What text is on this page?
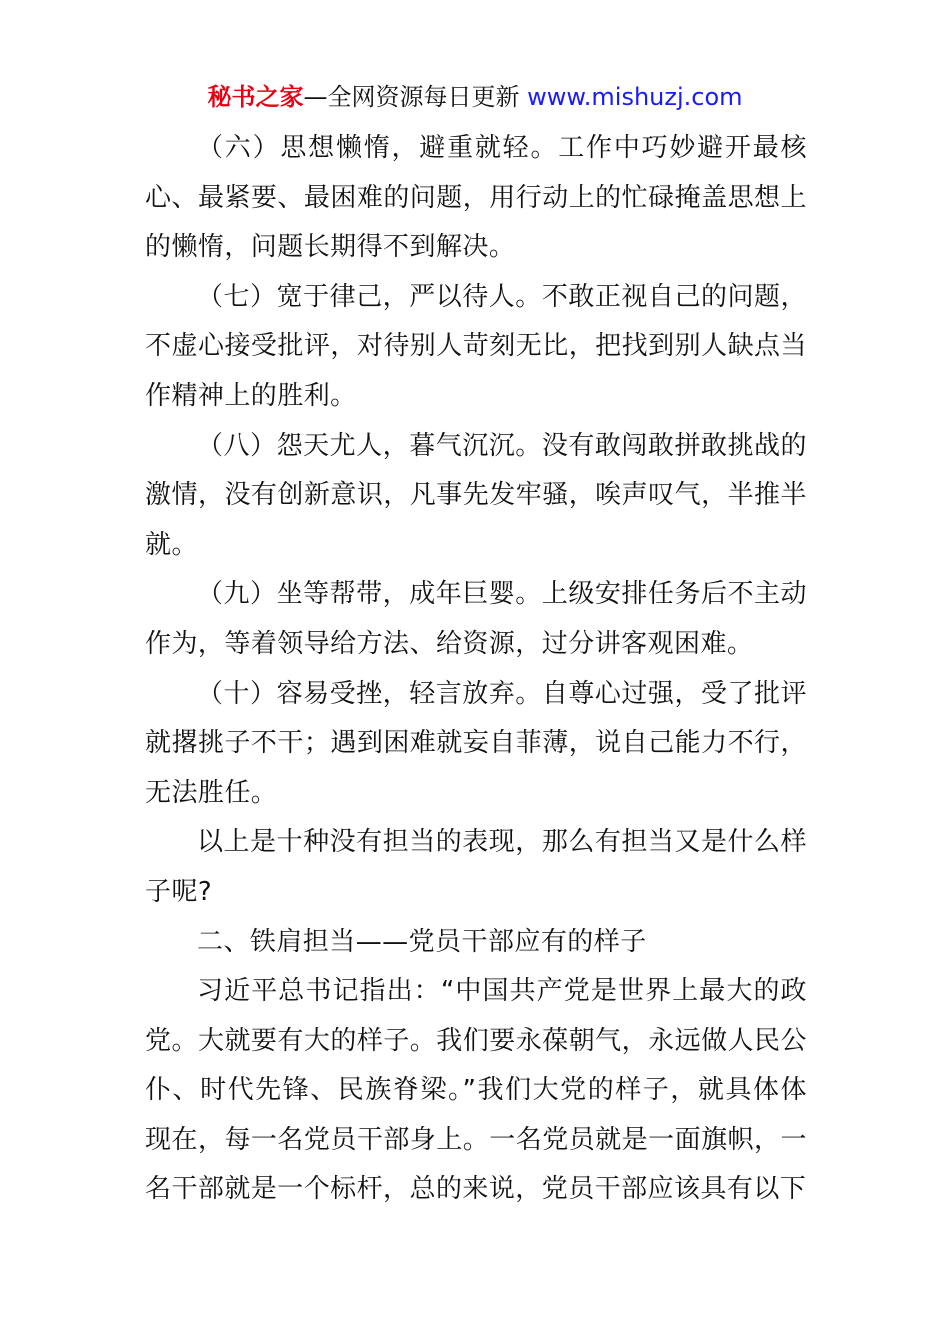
秘书之家—全网资源每日更新 www.mishuzj.com

（六）思想懒惰，避重就轻。工作中巧妙避开最核心、最紧要、最困难的问题，用行动上的忙碌掩盖思想上的懒惰，问题长期得不到解决。

（七）宽于律己，严以待人。不敢正视自己的问题，不虚心接受批评，对待别人苛刻无比，把找到别人缺点当作精神上的胜利。

（八）怨天尤人，暮气沉沉。没有敢闯敢拼敢挑战的激情，没有创新意识，凡事先发牢骚，唉声叹气，半推半就。

（九）坐等帮带，成年巨婴。上级安排任务后不主动作为，等着领导给方法、给资源，过分讲客观困难。

（十）容易受挫，轻言放弃。自尊心过强，受了批评就撂挑子不干；遇到困难就妄自菲薄，说自己能力不行，无法胜任。

以上是十种没有担当的表现，那么有担当又是什么样子呢?

二、铁肩担当——党员干部应有的样子

习近平总书记指出：“中国共产党是世界上最大的政党。大就要有大的样子。我们要永葆朝气，永远做人民公仆、时代先锋、民族脊梁。”我们大党的样子，就具体体现在，每一名党员干部身上。一名党员就是一面旗帜，一名干部就是一个标杆，总的来说，党员干部应该具有以下
